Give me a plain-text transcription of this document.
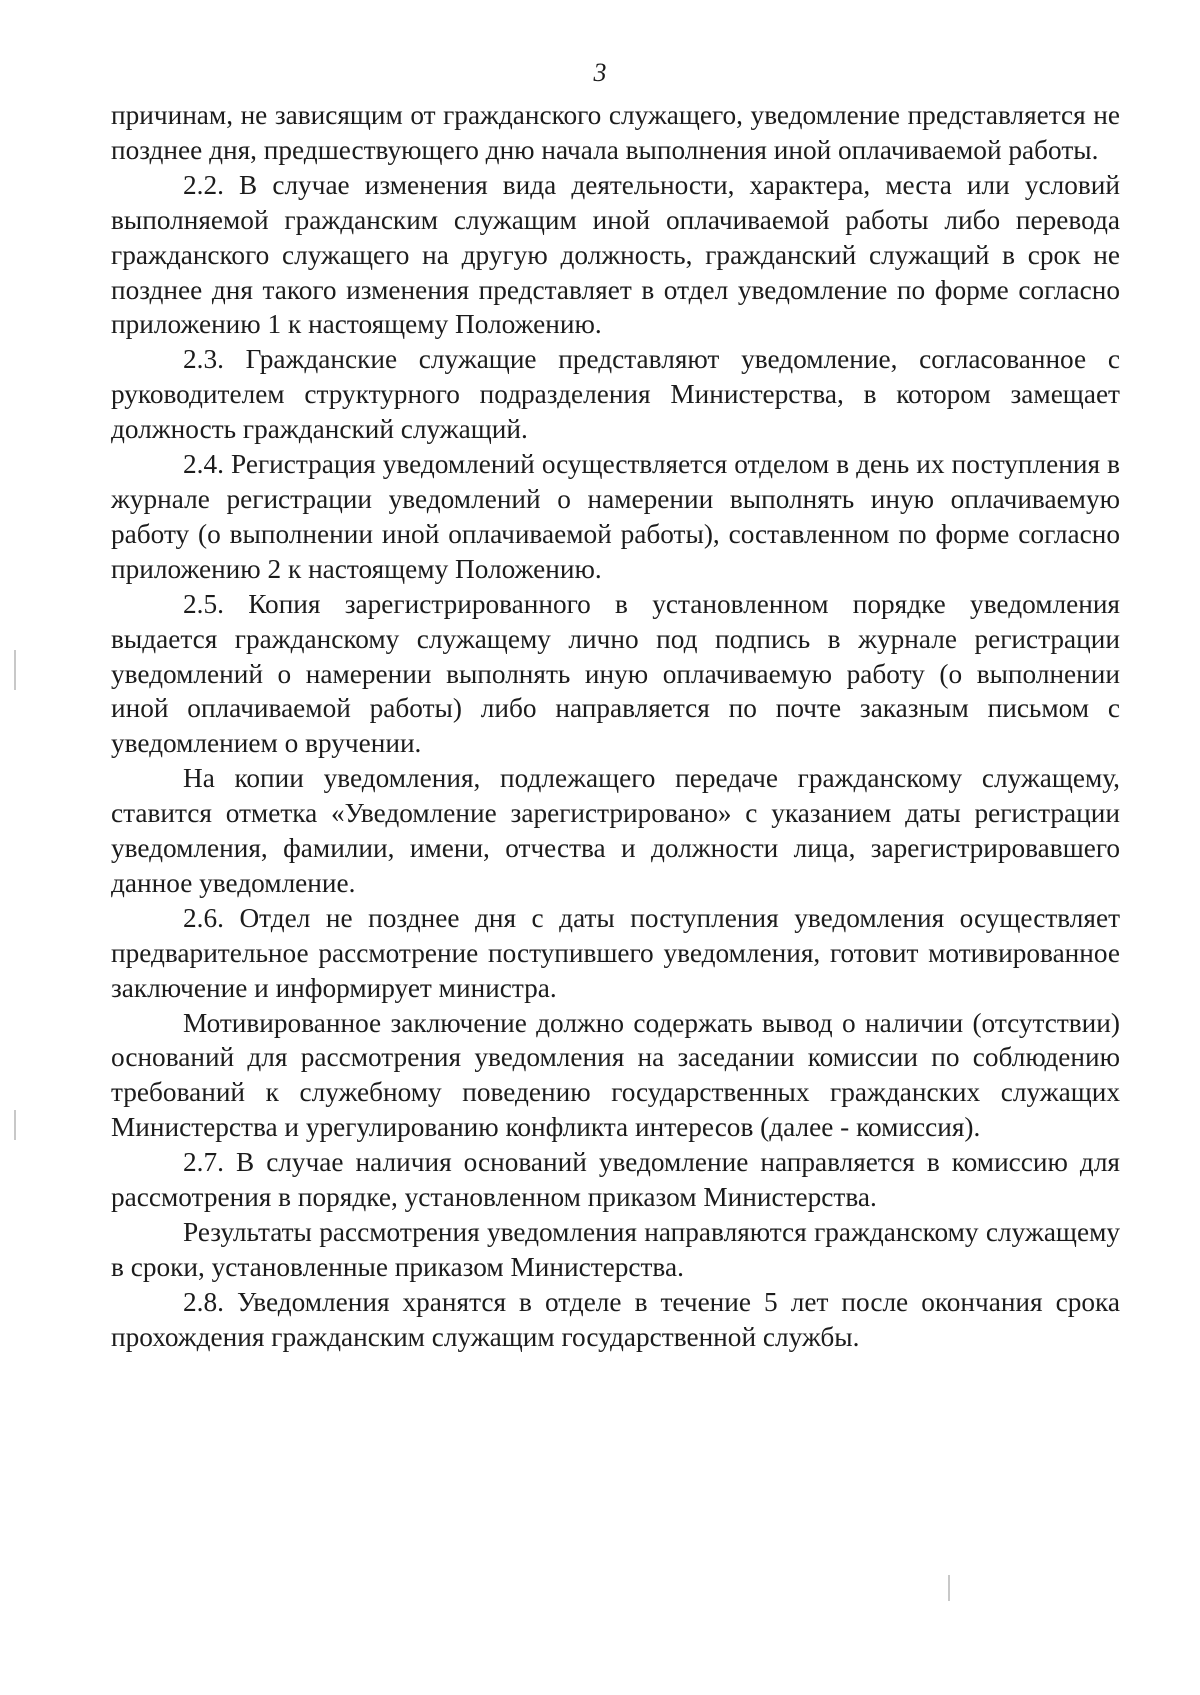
3

причинам, не зависящим от гражданского служащего, уведомление представляется не позднее дня, предшествующего дню начала выполнения иной оплачиваемой работы.

2.2. В случае изменения вида деятельности, характера, места или условий выполняемой гражданским служащим иной оплачиваемой работы либо перевода гражданского служащего на другую должность, гражданский служащий в срок не позднее дня такого изменения представляет в отдел уведомление по форме согласно приложению 1 к настоящему Положению.

2.3. Гражданские служащие представляют уведомление, согласованное с руководителем структурного подразделения Министерства, в котором замещает должность гражданский служащий.

2.4. Регистрация уведомлений осуществляется отделом в день их поступления в журнале регистрации уведомлений о намерении выполнять иную оплачиваемую работу (о выполнении иной оплачиваемой работы), составленном по форме согласно приложению 2 к настоящему Положению.

2.5. Копия зарегистрированного в установленном порядке уведомления выдается гражданскому служащему лично под подпись в журнале регистрации уведомлений о намерении выполнять иную оплачиваемую работу (о выполнении иной оплачиваемой работы) либо направляется по почте заказным письмом с уведомлением о вручении.

На копии уведомления, подлежащего передаче гражданскому служащему, ставится отметка «Уведомление зарегистрировано» с указанием даты регистрации уведомления, фамилии, имени, отчества и должности лица, зарегистрировавшего данное уведомление.

2.6. Отдел не позднее дня с даты поступления уведомления осуществляет предварительное рассмотрение поступившего уведомления, готовит мотивированное заключение и информирует министра.

Мотивированное заключение должно содержать вывод о наличии (отсутствии) оснований для рассмотрения уведомления на заседании комиссии по соблюдению требований к служебному поведению государственных гражданских служащих Министерства и урегулированию конфликта интересов (далее - комиссия).

2.7. В случае наличия оснований уведомление направляется в комиссию для рассмотрения в порядке, установленном приказом Министерства.

Результаты рассмотрения уведомления направляются гражданскому служащему в сроки, установленные приказом Министерства.

2.8. Уведомления хранятся в отделе в течение 5 лет после окончания срока прохождения гражданским служащим государственной службы.
